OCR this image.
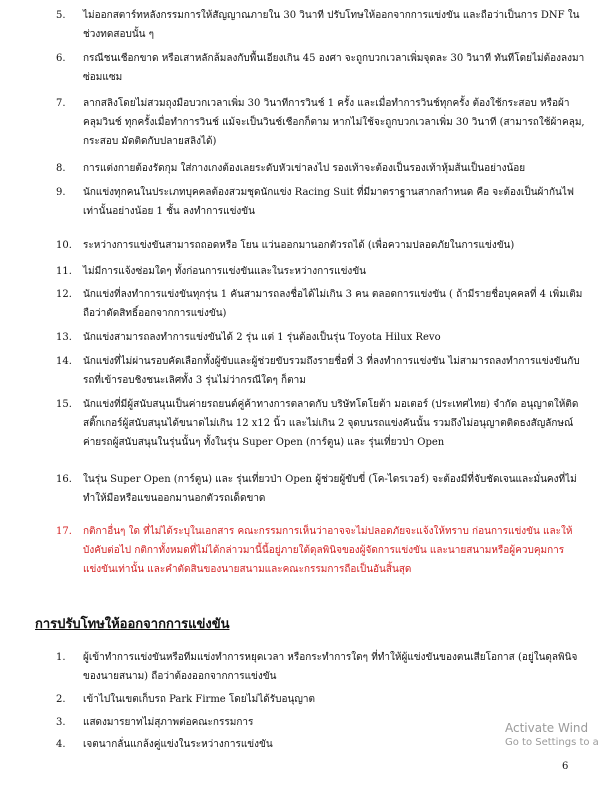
5.	ไม่ออกสตาร์ทหลังกรรมการให้สัญญาณภายใน 30 วินาที ปรับโทษให้ออกจากการแข่งขัน และถือว่าเป็นการ DNF ในช่วงทดสอบนั้น ๆ
6.	กรณีชนเชือกขาด หรือเสาหลักล้มลงกับพื้นเอียงเกิน 45 องศา จะถูกบวกเวลาเพิ่มจุดละ 30 วินาที ทันทีโดยไม่ต้องลงมาซ่อมแซม
7.	ลากสลิงโดยไม่สวมถุงมือบวกเวลาเพิ่ม 30 วินาทีการวินช์ 1 ครั้ง และเมื่อทำการวินช์ทุกครั้ง ต้องใช้กระสอบ หรือผ้าคลุมวินช์ ทุกครั้งเมื่อทำการวินช์ แม้จะเป็นวินช์เชือกก็ตาม หากไม่ใช้จะถูกบวกเวลาเพิ่ม 30 วินาที (สามารถใช้ผ้าคลุม, กระสอบ มัดติดกับปลายสลิงได้)
8.	การแต่งกายต้องรัดกุม ใส่กางเกงต้องเลยระดับหัวเข่าลงไป รองเท้าจะต้องเป็นรองเท้าหุ้มส้นเป็นอย่างน้อย
9.	นักแข่งทุกคนในประเภทบุคคลต้องสวมชุดนักแข่ง Racing Suit ที่มีมาตราฐานสากลกำหนด คือ จะต้องเป็นผ้ากันไฟเท่านั้นอย่างน้อย 1 ชั้น ลงทำการแข่งขัน
10. ระหว่างการแข่งขันสามารถถอดหรือ โยน แว่นออกมานอกตัวรถได้ (เพื่อความปลอดภัยในการแข่งขัน)
11. ไม่มีการแจ้งซ่อมใดๆ ทั้งก่อนการแข่งขันและในระหว่างการแข่งขัน
12. นักแข่งที่ลงทำการแข่งขันทุกรุ่น 1 คันสามารถลงชื่อได้ไม่เกิน 3 คน ตลอดการแข่งขัน ( ถ้ามีรายชื่อบุคคลที่ 4 เพิ่มเติมถือว่าตัดสิทธิ์ออกจากการแข่งขัน)
13. นักแข่งสามารถลงทำการแข่งขันได้ 2 รุ่น แต่ 1 รุ่นต้องเป็นรุ่น Toyota Hilux Revo
14. นักแข่งที่ไม่ผ่านรอบคัดเลือกทั้งผู้ขับและผู้ช่วยขับรวมถึงรายชื่อที่ 3 ที่ลงทำการแข่งขัน ไม่สามารถลงทำการแข่งขันกับรถที่เข้ารอบชิงชนะเลิศทั้ง 3 รุ่นไม่ว่ากรณีใดๆ ก็ตาม
15. นักแข่งที่มีผู้สนับสนุนเป็นค่ายรถยนต์คู่ค้าทางการตลาดกับ บริษัทโตโยต้า มอเตอร์ (ประเทศไทย) จำกัด อนุญาตให้ติดสติ๊กเกอร์ผู้สนับสนุนได้ขนาดไม่เกิน 12 x12 นิ้ว และไม่เกิน 2 จุดบนรถแข่งคันนั้น รวมถึงไม่อนุญาตติดธงสัญลักษณ์ค่ายรถผู้สนับสนุนในรุ่นนั้นๆ ทั้งในรุ่น Super Open (การ์ตูน) และ รุ่นเที่ยวป่า Open
16. ในรุ่น Super Open (การ์ตูน) และ รุ่นเที่ยวป่า Open ผู้ช่วยผู้ขับขี่ (โค-ไดรเวอร์) จะต้องมีที่จับชัดเจนและมั่นคงที่ไม่ทำให้มือหรือแขนออกมานอกตัวรถเด็ดขาด
17. กติกาอื่นๆ ใด ที่ไม่ได้ระบุในเอกสาร คณะกรรมการเห็นว่าอาจจะไม่ปลอดภัยจะแจ้งให้ทราบ ก่อนการแข่งขัน และให้บังคับต่อไป กติกาทั้งหมดที่ไม่ได้กล่าวมานี้นี้อยู่ภายใต้ดุลพินิจของผู้จัดการแข่งขัน และนายสนามหรือผู้ควบคุมการแข่งขันเท่านั้น และคำตัดสินของนายสนามและคณะกรรมการถือเป็นอันสิ้นสุด
การปรับโทษให้ออกจากการแข่งขัน
1.	ผู้เข้าทำการแข่งขันหรือทีมแข่งทำการหยุดเวลา หรือกระทำการใดๆ ที่ทำให้ผู้แข่งขันของตนเสียโอกาส (อยู่ในดุลพินิจของนายสนาม) ถือว่าต้องออกจากการแข่งขัน
2.	เข้าไปในเขตเก็บรถ Park Firme โดยไม่ได้รับอนุญาต
3.	แสดงมารยาทไม่สุภาพต่อคณะกรรมการ
4.	เจตนากลั่นแกล้งคู่แข่งในระหว่างการแข่งขัน
Activate Wind
Go to Settings to a
6
